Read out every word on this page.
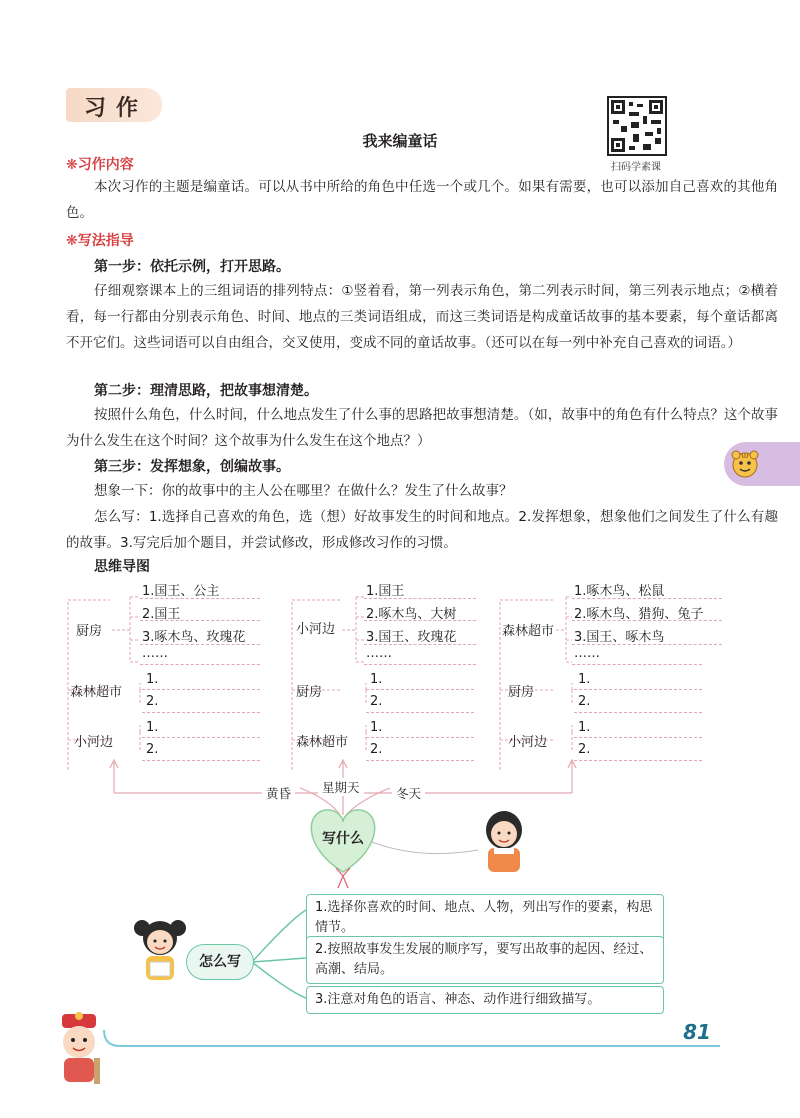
习作
扫码学素课
我来编童话
❋习作内容
本次习作的主题是编童话。可以从书中所给的角色中任选一个或几个。如果有需要，也可以添加自己喜欢的其他角色。
❋写法指导
第一步：依托示例，打开思路。
仔细观察课本上的三组词语的排列特点：①竖着看，第一列表示角色，第二列表示时间，第三列表示地点；②横着看，每一行都由分别表示角色、时间、地点的三类词语组成，而这三类词语是构成童话故事的基本要素，每个童话都离不开它们。这些词语可以自由组合，交叉使用，变成不同的童话故事。（还可以在每一列中补充自己喜欢的词语。）
第二步：理清思路，把故事想清楚。
按照什么角色，什么时间，什么地点发生了什么事的思路把故事想清楚。（如，故事中的角色有什么特点？这个故事为什么发生在这个时间？这个故事为什么发生在这个地点？）
第三步：发挥想象，创编故事。
想象一下：你的故事中的主人公在哪里？在做什么？发生了什么故事？
怎么写：1.选择自己喜欢的角色，选（想）好故事发生的时间和地点。2.发挥想象，想象他们之间发生了什么有趣的故事。3.写完后加个题目，并尝试修改，形成修改习作的习惯。
思维导图
厨房
1.国王、公主
2.国王
3.啄木鸟、玫瑰花
……
森林超市
1.
2.
小河边
1.
2.
小河边
1.国王
2.啄木鸟、大树
3.国王、玫瑰花
……
厨房
1.
2.
森林超市
1.
2.
森林超市
1.啄木鸟、松鼠
2.啄木鸟、猎狗、兔子
3.国王、啄木鸟
……
厨房
1.
2.
小河边
1.
2.
黄昏	星期天	冬天
写什么
怎么写
1.选择你喜欢的时间、地点、人物，列出写作的要素，构思情节。
2.按照故事发生发展的顺序写，要写出故事的起因、经过、高潮、结局。
3.注意对角色的语言、神态、动作进行细致描写。
81
